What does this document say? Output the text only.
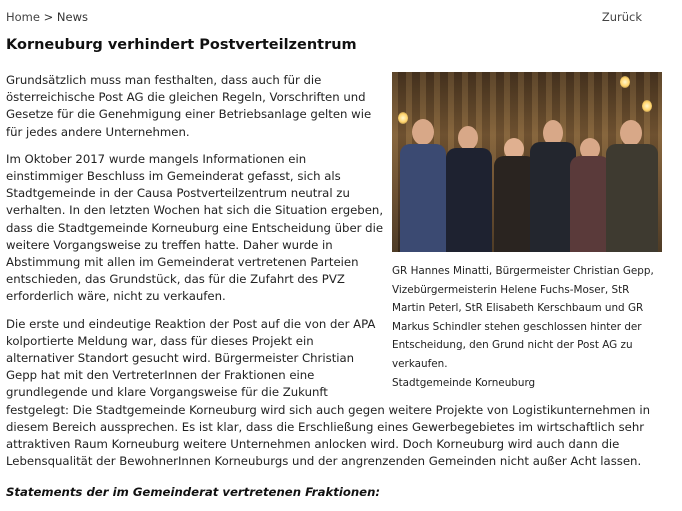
Home > News	Zurück
Korneuburg verhindert Postverteilzentrum
GR Hannes Minatti, Bürgermeister Christian Gepp, Vizebürgermeisterin Helene Fuchs-Moser, StR Martin Peterl, StR Elisabeth Kerschbaum und GR Markus Schindler stehen geschlossen hinter der Entscheidung, den Grund nicht der Post AG zu verkaufen.
Stadtgemeinde Korneuburg

Grundsätzlich muss man festhalten, dass auch für die österreichische Post AG die gleichen Regeln, Vorschriften und Gesetze für die Genehmigung einer Betriebsanlage gelten wie für jedes andere Unternehmen.

Im Oktober 2017 wurde mangels Informationen ein einstimmiger Beschluss im Gemeinderat gefasst, sich als Stadtgemeinde in der Causa Postverteilzentrum neutral zu verhalten. In den letzten Wochen hat sich die Situation ergeben, dass die Stadtgemeinde Korneuburg eine Entscheidung über die weitere Vorgangsweise zu treffen hatte. Daher wurde in Abstimmung mit allen im Gemeinderat vertretenen Parteien entschieden, das Grundstück, das für die Zufahrt des PVZ erforderlich wäre, nicht zu verkaufen.

Die erste und eindeutige Reaktion der Post auf die von der APA kolportierte Meldung war, dass für dieses Projekt ein alternativer Standort gesucht wird. Bürgermeister Christian Gepp hat mit den VertreterInnen der Fraktionen eine grundlegende und klare Vorgangsweise für die Zukunft festgelegt: Die Stadtgemeinde Korneuburg wird sich auch gegen weitere Projekte von Logistikunternehmen in diesem Bereich aussprechen. Es ist klar, dass die Erschließung eines Gewerbegebietes im wirtschaftlich sehr attraktiven Raum Korneuburg weitere Unternehmen anlocken wird. Doch Korneuburg wird auch dann die Lebensqualität der BewohnerInnen Korneuburgs und der angrenzenden Gemeinden nicht außer Acht lassen.

Statements der im Gemeinderat vertretenen Fraktionen:
